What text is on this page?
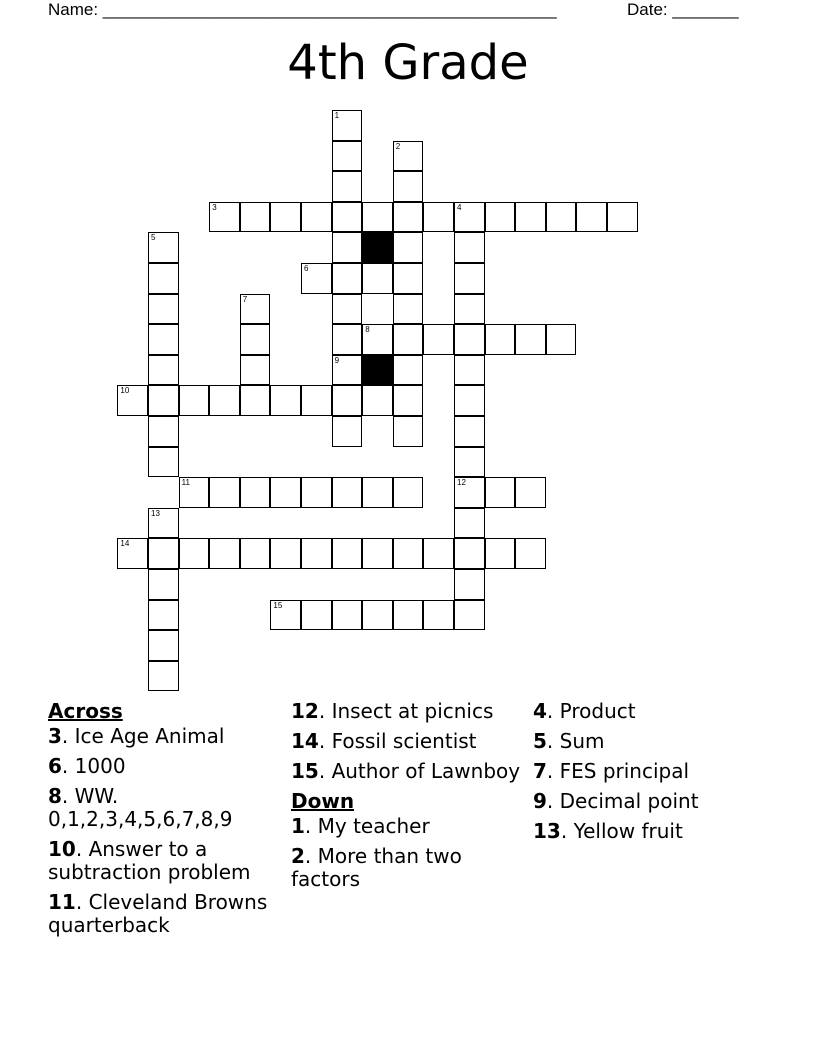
Name: ________________________________________________	Date: _______
4th Grade
1
9
2
3	4
12
5
6
7
8
10
11
13
14
15
Across
3. Ice Age Animal
6. 1000
8. WW. 0,1,2,3,4,5,6,7,8,9
10. Answer to a subtraction problem
11. Cleveland Browns quarterback
12. Insect at picnics
14. Fossil scientist
15. Author of Lawnboy
Down
1. My teacher
2. More than two factors
4. Product
5. Sum
7. FES principal
9. Decimal point
13. Yellow fruit
